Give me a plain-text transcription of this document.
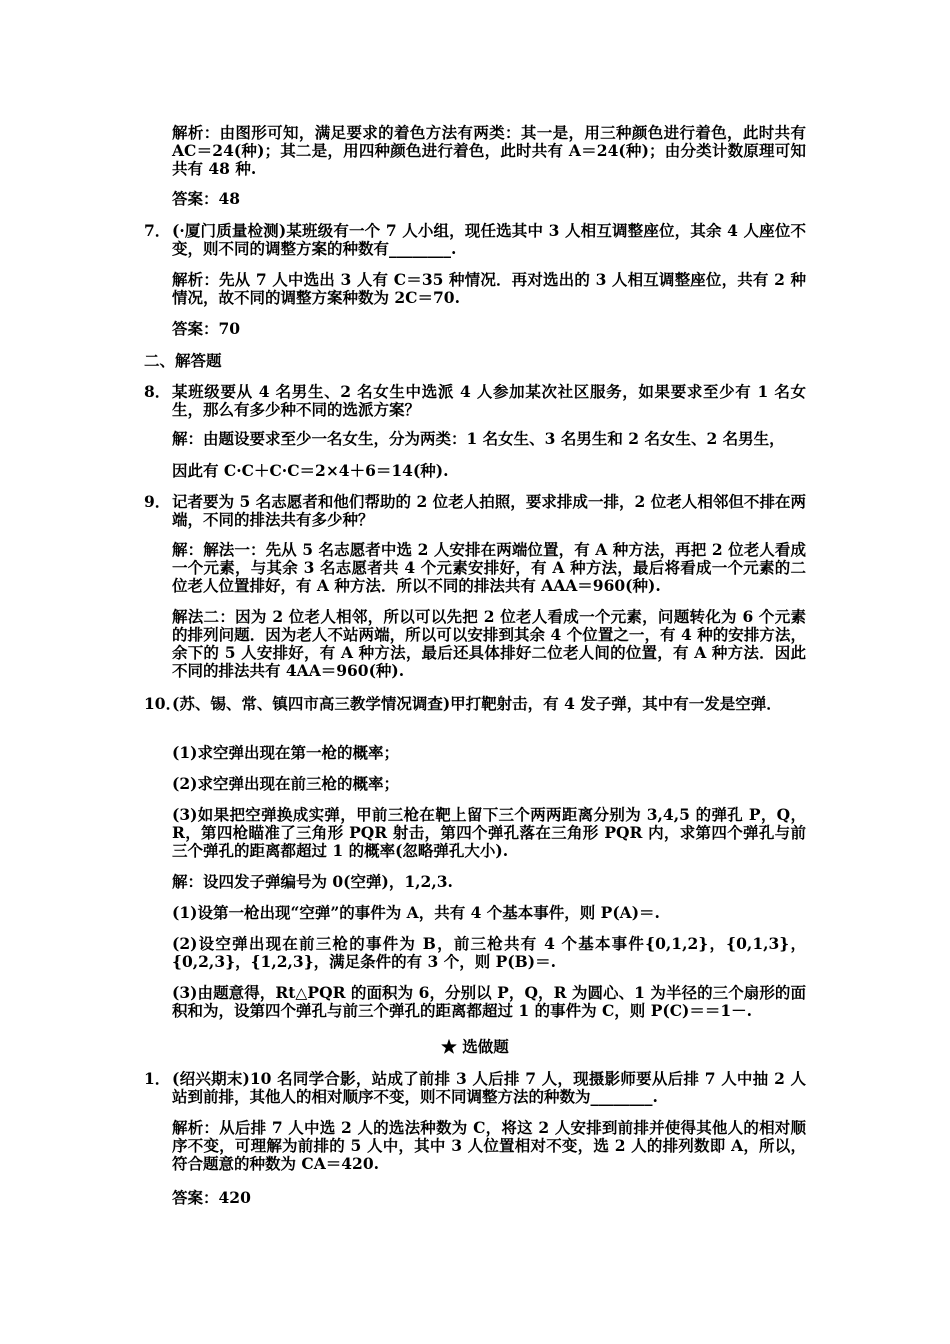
解析：由图形可知，满足要求的着色方法有两类：其一是，用三种颜色进行着色，此时共有 AC＝24(种)；其二是，用四种颜色进行着色，此时共有 A＝24(种)；由分类计数原理可知共有 48 种.

答案：48

7． (·厦门质量检测)某班级有一个 7 人小组，现任选其中 3 人相互调整座位，其余 4 人座位不变，则不同的调整方案的种数有________.

解析：先从 7 人中选出 3 人有 C＝35 种情况．再对选出的 3 人相互调整座位，共有 2 种情况，故不同的调整方案种数为 2C＝70.

答案：70

二、解答题
8． 某班级要从 4 名男生、2 名女生中选派 4 人参加某次社区服务，如果要求至少有 1 名女生，那么有多少种不同的选派方案？

解：由题设要求至少一名女生，分为两类：1 名女生、3 名男生和 2 名女生、2 名男生，

因此有 C·C＋C·C＝2×4＋6＝14(种).

9． 记者要为 5 名志愿者和他们帮助的 2 位老人拍照，要求排成一排，2 位老人相邻但不排在两端，不同的排法共有多少种？

解：解法一：先从 5 名志愿者中选 2 人安排在两端位置，有 A 种方法，再把 2 位老人看成一个元素，与其余 3 名志愿者共 4 个元素安排好，有 A 种方法，最后将看成一个元素的二位老人位置排好，有 A 种方法．所以不同的排法共有 AAA＝960(种).

解法二：因为 2 位老人相邻，所以可以先把 2 位老人看成一个元素，问题转化为 6 个元素的排列问题．因为老人不站两端，所以可以安排到其余 4 个位置之一，有 4 种的安排方法，余下的 5 人安排好，有 A 种方法，最后还具体排好二位老人间的位置，有 A 种方法．因此不同的排法共有 4AA＝960(种).

10．
(苏、锡、常、镇四市高三教学情况调查)甲打靶射击，有 4 发子弹，其中有一发是空弹．

(1)求空弹出现在第一枪的概率；

(2)求空弹出现在前三枪的概率；

(3)如果把空弹换成实弹，甲前三枪在靶上留下三个两两距离分别为 3,4,5 的弹孔 P，Q，R，第四枪瞄准了三角形 PQR 射击，第四个弹孔落在三角形 PQR 内，求第四个弹孔与前三个弹孔的距离都超过 1 的概率(忽略弹孔大小).

解：设四发子弹编号为 0(空弹)，1,2,3.

(1)设第一枪出现“空弹”的事件为 A，共有 4 个基本事件，则 P(A)＝.

(2)设空弹出现在前三枪的事件为 B，前三枪共有 4 个基本事件{0,1,2}，{0,1,3}，{0,2,3}，{1,2,3}，满足条件的有 3 个，则 P(B)＝.

(3)由题意得，Rt△PQR 的面积为 6，分别以 P，Q，R 为圆心、1 为半径的三个扇形的面积和为，设第四个弹孔与前三个弹孔的距离都超过 1 的事件为 C，则 P(C)＝＝1－.

★ 选做题
1． (绍兴期末)10 名同学合影，站成了前排 3 人后排 7 人，现摄影师要从后排 7 人中抽 2 人站到前排，其他人的相对顺序不变，则不同调整方法的种数为________.

解析：从后排 7 人中选 2 人的选法种数为 C，将这 2 人安排到前排并使得其他人的相对顺序不变，可理解为前排的 5 人中，其中 3 人位置相对不变，选 2 人的排列数即 A，所以，符合题意的种数为 CA＝420.

答案：420
